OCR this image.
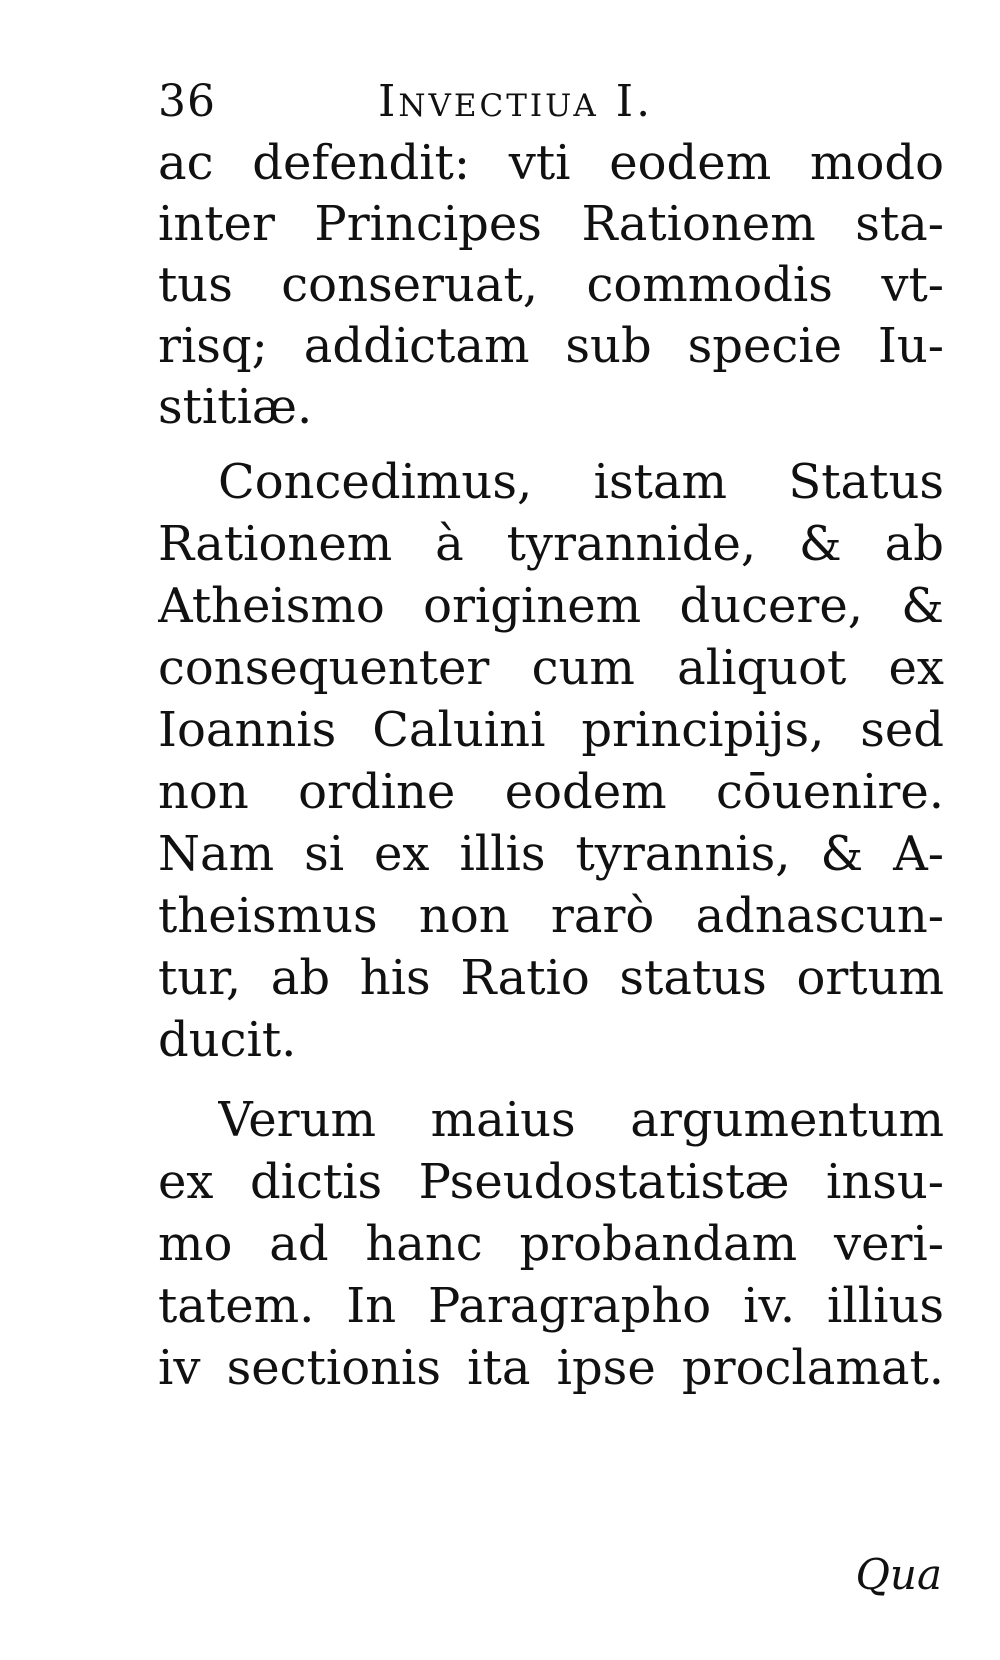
36	Invectiua I.
ac defendit: vti eodem modo
inter Principes Rationem sta-
tus conseruat, commodis vt-
risq; addictam sub specie Iu-
stitiæ.
Concedimus, istam Status
Rationem à tyrannide, & ab
Atheismo originem ducere, &
consequenter cum aliquot ex
Ioannis Caluini principijs, sed
non ordine eodem cōuenire.
Nam si ex illis tyrannis, & A-
theismus non rarò adnascun-
tur, ab his Ratio status ortum
ducit.
Verum maius argumentum
ex dictis Pseudostatistæ insu-
mo ad hanc probandam veri-
tatem. In Paragrapho iv. illius
iv sectionis ita ipse proclamat.
Qua
